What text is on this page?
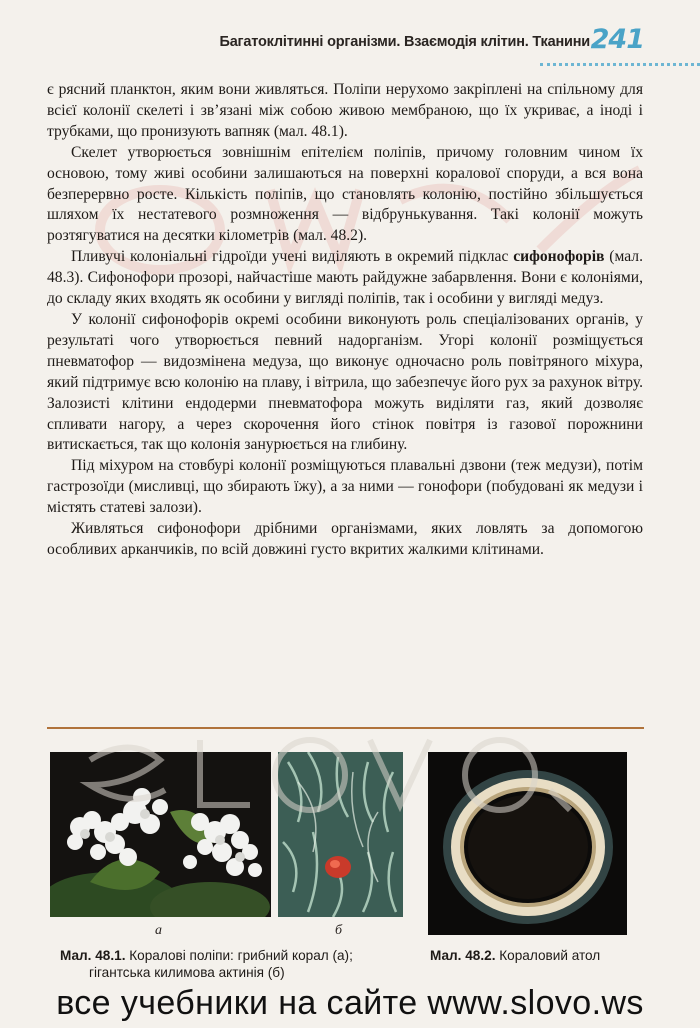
Багатоклітинні організми. Взаємодія клітин. Тканини 241

є рясний планктон, яким вони живляться. Поліпи нерухомо закріплені на спільному для всієї колонії скелеті і зв’язані між собою живою мембраною, що їх укриває, а іноді і трубками, що пронизують вапняк (мал. 48.1).

Скелет утворюється зовнішнім епітелієм поліпів, причому головним чином їх основою, тому живі особини залишаються на поверхні коралової споруди, а вся вона безперервно росте. Кількість поліпів, що становлять колонію, постійно збільшується шляхом їх нестатевого розмноження — відбрунькування. Такі колонії можуть розтягуватися на десятки кілометрів (мал. 48.2).

Пливучі колоніальні гідроїди учені виділяють в окремий підклас сифонофорів (мал. 48.3). Сифонофори прозорі, найчастіше мають райдужне забарвлення. Вони є колоніями, до складу яких входять як особини у вигляді поліпів, так і особини у вигляді медуз.

У колонії сифонофорів окремі особини виконують роль спеціалізованих органів, у результаті чого утворюється певний надорганізм. Угорі колонії розміщується пневматофор — видозмінена медуза, що виконує одночасно роль повітряного міхура, який підтримує всю колонію на плаву, і вітрила, що забезпечує його рух за рахунок вітру. Залозисті клітини ендодерми пневматофора можуть виділяти газ, який дозволяє спливати нагору, а через скорочення його стінок повітря із газової порожнини витискається, так що колонія занурюється на глибину.

Під міхуром на стовбурі колонії розміщуються плавальні дзвони (теж медузи), потім гастрозоїди (мисливці, що збирають їжу), а за ними — гонофори (побудовані як медузи і містять статеві залози).

Живляться сифонофори дрібними організмами, яких ловлять за допомогою особливих арканчиків, по всій довжині густо вкритих жалкими клітинами.

а	б
Мал. 48.1. Коралові поліпи: грибний корал (а);
гігантська килимова актинія (б)
Мал. 48.2. Кораловий атол
все учебники на сайте www.slovo.ws
